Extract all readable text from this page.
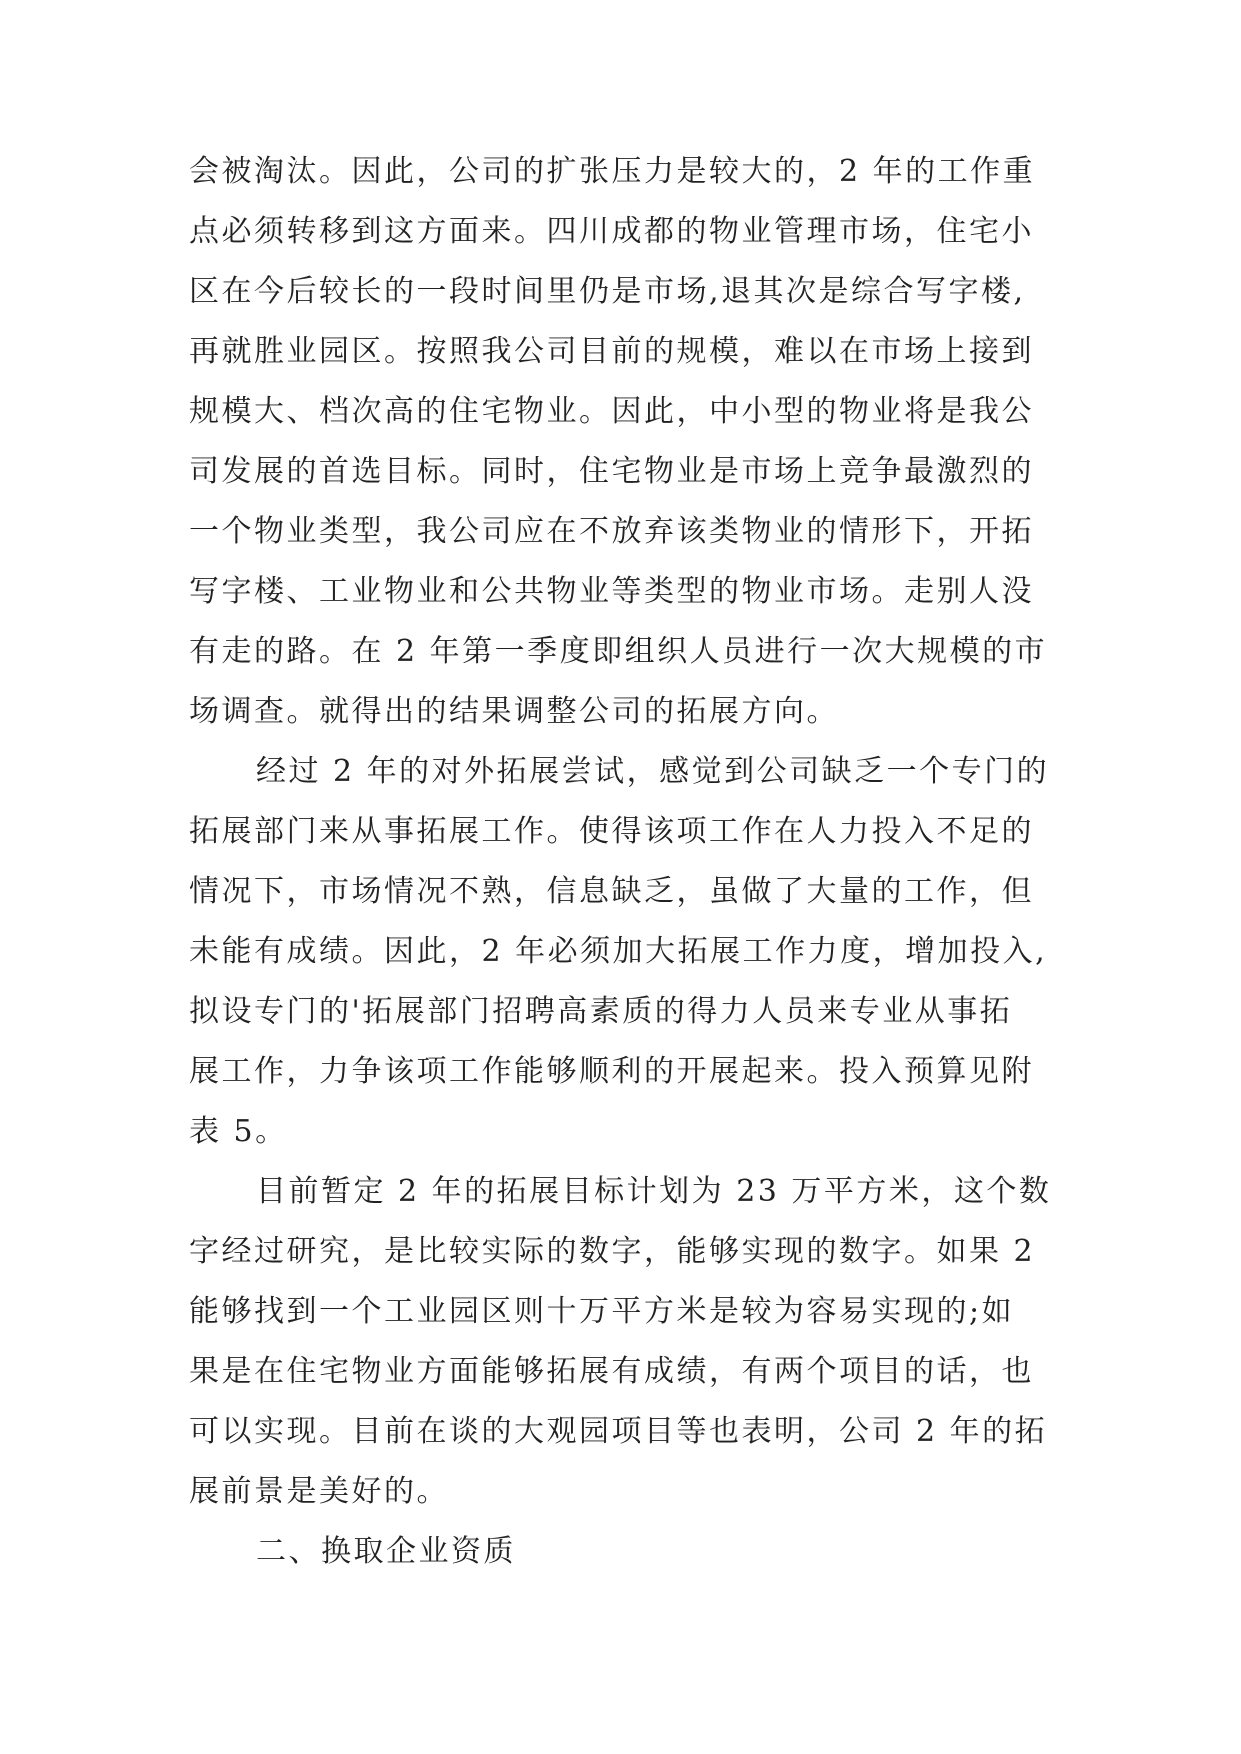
会被淘汰。因此，公司的扩张压力是较大的，2 年的工作重

点必须转移到这方面来。四川成都的物业管理市场，住宅小

区在今后较长的一段时间里仍是市场,退其次是综合写字楼,

再就胜业园区。按照我公司目前的规模，难以在市场上接到

规模大、档次高的住宅物业。因此，中小型的物业将是我公

司发展的首选目标。同时，住宅物业是市场上竞争最激烈的

一个物业类型，我公司应在不放弃该类物业的情形下，开拓

写字楼、工业物业和公共物业等类型的物业市场。走别人没

有走的路。在 2 年第一季度即组织人员进行一次大规模的市

场调查。就得出的结果调整公司的拓展方向。

经过 2 年的对外拓展尝试，感觉到公司缺乏一个专门的

拓展部门来从事拓展工作。使得该项工作在人力投入不足的

情况下，市场情况不熟，信息缺乏，虽做了大量的工作，但

未能有成绩。因此，2 年必须加大拓展工作力度，增加投入,

拟设专门的'拓展部门招聘高素质的得力人员来专业从事拓

展工作，力争该项工作能够顺利的开展起来。投入预算见附

表 5。

目前暂定 2 年的拓展目标计划为 23 万平方米，这个数

字经过研究，是比较实际的数字，能够实现的数字。如果 2

能够找到一个工业园区则十万平方米是较为容易实现的;如

果是在住宅物业方面能够拓展有成绩，有两个项目的话，也

可以实现。目前在谈的大观园项目等也表明，公司 2 年的拓

展前景是美好的。

二、换取企业资质
